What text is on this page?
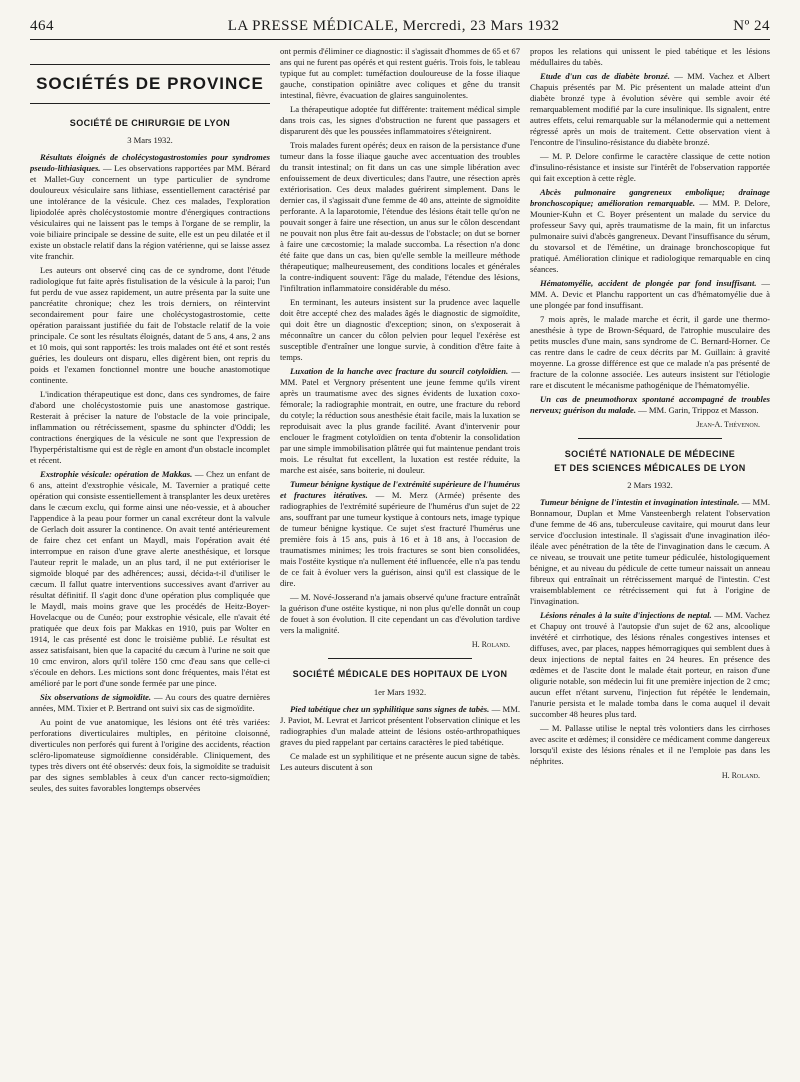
464	LA PRESSE MÉDICALE, Mercredi, 23 Mars 1932	Nº 24
SOCIÉTÉS DE PROVINCE
SOCIÉTÉ DE CHIRURGIE DE LYON
3 Mars 1932.

Résultats éloignés de cholécystogastrostomies pour syndromes pseudo-lithiasiques. — Les observations rapportées par MM. Bérard et Mallet-Guy concernent un type particulier de syndrome douloureux vésiculaire sans lithiase, essentiellement caractérisé par une intolérance de la vésicule. Chez ces malades, l'exploration lipiodolée après cholécystostomie montre d'énergiques contractions vésiculaires qui ne laissent pas le temps à l'organe de se remplir, la voie biliaire principale se dessine de suite, elle est un peu dilatée et il existe un obstacle relatif dans la région vatérienne, qui se laisse assez vite franchir.

Les auteurs ont observé cinq cas de ce syndrome, dont l'étude radiologique fut faite après fistulisation de la vésicule à la paroi; l'un fut perdu de vue assez rapidement, un autre présenta par la suite une pancréatite chronique; chez les trois derniers, on réintervint secondairement pour faire une cholécystogastrostomie, cette opération paraissant justifiée du fait de l'obstacle relatif de la voie principale. Ce sont les résultats éloignés, datant de 5 ans, 4 ans, 2 ans et 10 mois, qui sont rapportés: les trois malades ont été et sont restés guéries, les douleurs ont disparu, elles digèrent bien, ont repris du poids et l'examen fonctionnel montre une bouche anastomotique continente.

L'indication thérapeutique est donc, dans ces syndromes, de faire d'abord une cholécystostomie puis une anastomose gastrique. Resterait à préciser la nature de l'obstacle de la voie principale, inflammation ou rétrécissement, spasme du sphincter d'Oddi; les contractions énergiques de la vésicule ne sont que l'expression de l'hyperpéristaltisme qui est de règle en amont d'un obstacle incomplet et récent.

Exstrophie vésicale: opération de Makkas. — Chez un enfant de 6 ans, atteint d'exstrophie vésicale, M. Tavernier a pratiqué cette opération qui consiste essentiellement à transplanter les deux uretères dans le cæcum exclu, qui forme ainsi une néo-vessie, et à aboucher l'appendice à la peau pour former un canal excréteur dont la valvule de Gerlach doit assurer la continence. On avait tenté antérieurement de faire chez cet enfant un Maydl, mais l'opération avait été interrompue en raison d'une grave alerte anesthésique, et lorsque l'auteur reprit le malade, un an plus tard, il ne put extérioriser le sigmoïde bloqué par des adhérences; aussi, décida-t-il d'utiliser le cæcum. Il fallut quatre interventions successives avant d'arriver au résultat définitif. Il s'agit donc d'une opération plus compliquée que le Maydl, mais moins grave que les procédés de Heitz-Boyer-Hovelacque ou de Cunéo; pour exstrophie vésicale, elle n'avait été pratiquée que deux fois par Makkas en 1910, puis par Wolter en 1914, le cas présenté est donc le troisième publié. Le résultat est assez satisfaisant, bien que la capacité du cæcum à l'urine ne soit que 10 cmc environ, alors qu'il tolère 150 cmc d'eau sans que celle-ci s'écoule en dehors. Les mictions sont donc fréquentes, mais l'état est amélioré par le port d'une sonde fermée par une pince.

Six observations de sigmoïdite. — Au cours des quatre dernières années, MM. Tixier et P. Bertrand ont suivi six cas de sigmoïdite.

Au point de vue anatomique, les lésions ont été très variées: perforations diverticulaires multiples, en péritoine cloisonné, diverticules non perforés qui furent à l'origine des accidents, réaction scléro-lipomateuse sigmoïdienne considérable. Cliniquement, des types très divers ont été observés: deux fois, la sigmoïdite se traduisit par des signes semblables à ceux d'un cancer recto-sigmoïdien; seules, des suites favorables longtemps observées

ont permis d'éliminer ce diagnostic: il s'agissait d'hommes de 65 et 67 ans qui ne furent pas opérés et qui restent guéris. Trois fois, le tableau typique fut au complet: tuméfaction douloureuse de la fosse iliaque gauche, constipation opiniâtre avec coliques et gêne du transit intestinal, fièvre, évacuation de glaires sanguinolentes.

La thérapeutique adoptée fut différente: traitement médical simple dans trois cas, les signes d'obstruction ne furent que passagers et disparurent dès que les poussées inflammatoires s'éteignirent.

Trois malades furent opérés; deux en raison de la persistance d'une tumeur dans la fosse iliaque gauche avec accentuation des troubles du transit intestinal; on fit dans un cas une simple libération avec enfouissement de deux diverticules; dans l'autre, une résection après extériorisation. Ces deux malades guérirent simplement. Dans le dernier cas, il s'agissait d'une femme de 40 ans, atteinte de sigmoïdite perforante. A la laparotomie, l'étendue des lésions était telle qu'on ne pouvait songer à faire une résection, un anus sur le côlon descendant ne pouvait non plus être fait au-dessus de l'obstacle; on dut se borner à faire une cæcostomie; la malade succomba. La résection n'a donc été faite que dans un cas, bien qu'elle semble la meilleure méthode thérapeutique; malheureusement, des conditions locales et générales la contre-indiquent souvent: l'âge du malade, l'étendue des lésions, l'infiltration inflammatoire considérable du méso.

En terminant, les auteurs insistent sur la prudence avec laquelle doit être accepté chez des malades âgés le diagnostic de sigmoïdite, qui doit être un diagnostic d'exception; sinon, on s'exposerait à méconnaître un cancer du côlon pelvien pour lequel l'exérèse est susceptible d'entraîner une longue survie, à condition d'être faite à temps.

Luxation de la hanche avec fracture du sourcil cotyloïdien. — MM. Patel et Vergnory présentent une jeune femme qu'ils virent après un traumatisme avec des signes évidents de luxation coxo-fémorale; la radiographie montrait, en outre, une fracture du rebord du cotyle; la réduction sous anesthésie était facile, mais la luxation se reproduisait avec la plus grande facilité. Avant d'intervenir pour enclouer le fragment cotyloïdien on tenta d'obtenir la consolidation par une simple immobilisation plâtrée qui fut maintenue pendant trois mois. Le résultat fut excellent, la luxation est restée réduite, la marche est aisée, sans boiterie, ni douleur.

Tumeur bénigne kystique de l'extrémité supérieure de l'humérus et fractures itératives. — M. Merz (Armée) présente des radiographies de l'extrémité supérieure de l'humérus d'un sujet de 22 ans, souffrant par une tumeur kystique à contours nets, image typique de tumeur bénigne kystique. Ce sujet s'est fracturé l'humérus une première fois à 15 ans, puis à 16 et à 18 ans, à l'occasion de traumatismes minimes; les trois fractures se sont bien consolidées, mais l'ostéite kystique n'a nullement été influencée, elle n'a pas tendu de ce fait à évoluer vers la guérison, ainsi qu'il est classique de le dire.

— M. Nové-Josserand n'a jamais observé qu'une fracture entraînât la guérison d'une ostéite kystique, ni non plus qu'elle donnât un coup de fouet à son évolution. Il cite cependant un cas d'évolution tardive vers la malignité.

H. Roland.
SOCIÉTÉ MÉDICALE DES HOPITAUX DE LYON
1er Mars 1932.

Pied tabétique chez un syphilitique sans signes de tabès. — MM. J. Paviot, M. Levrat et Jarricot présentent l'observation clinique et les radiographies d'un malade atteint de lésions ostéo-arthropathiques graves du pied rappelant par certains caractères le pied tabétique.

Ce malade est un syphilitique et ne présente aucun signe de tabès. Les auteurs discutent à son

propos les relations qui unissent le pied tabétique et les lésions médullaires du tabès.

Etude d'un cas de diabète bronzé. — MM. Vachez et Albert Chapuis présentés par M. Pic présentent un malade atteint d'un diabète bronzé type à évolution sévère qui semble avoir été remarquablement modifié par la cure insulinique. Ils signalent, entre autres effets, celui remarquable sur la mélanodermie qui a nettement régressé après un mois de traitement. Cette observation vient à l'encontre de l'insulino-résistance du diabète bronzé.

— M. P. Delore confirme le caractère classique de cette notion d'insulino-résistance et insiste sur l'intérêt de l'observation rapportée qui fait exception à cette règle.

Abcès pulmonaire gangreneux embolique; drainage bronchoscopique; amélioration remarquable. — MM. P. Delore, Mounier-Kuhn et C. Boyer présentent un malade du service du professeur Savy qui, après traumatisme de la main, fit un infarctus pulmonaire suivi d'abcès gangreneux. Devant l'insuffisance du sérum, du stovarsol et de l'émétine, un drainage bronchoscopique fut pratiqué. Amélioration clinique et radiologique remarquable en cinq séances.

Hématomyélie, accident de plongée par fond insuffisant. — MM. A. Devic et Planchu rapportent un cas d'hématomyélie due à une plongée par fond insuffisant.

7 mois après, le malade marche et écrit, il garde une thermo-anesthésie à type de Brown-Séquard, de l'atrophie musculaire des petits muscles d'une main, sans syndrome de C. Bernard-Horner. Ce cas rentre dans le cadre de ceux décrits par M. Guillain: à gravité moyenne. La grosse différence est que ce malade n'a pas présenté de fracture de la colonne associée. Les auteurs insistent sur l'étiologie rare et discutent le mécanisme pathogénique de l'hématomyélie.

Un cas de pneumothorax spontané accompagné de troubles nerveux; guérison du malade. — MM. Garin, Trippoz et Masson.

Jean-A. Thévenon.
SOCIÉTÉ NATIONALE DE MÉDECINE
ET DES SCIENCES MÉDICALES DE LYON
2 Mars 1932.

Tumeur bénigne de l'intestin et invagination intestinale. — MM. Bonnamour, Duplan et Mme Vansteenbergh relatent l'observation d'une femme de 46 ans, tuberculeuse cavitaire, qui mourut dans leur service d'occlusion intestinale. Il s'agissait d'une invagination iléo-iléale avec pénétration de la tête de l'invagination dans le cæcum. A ce niveau, se trouvait une petite tumeur pédiculée, histologiquement bénigne, et au niveau du pédicule de cette tumeur naissait un anneau fibreux qui entraînait un rétrécissement marqué de l'intestin. C'est vraisemblablement ce rétrécissement qui fut à l'origine de l'invagination.

Lésions rénales à la suite d'injections de neptal. — MM. Vachez et Chapuy ont trouvé à l'autopsie d'un sujet de 62 ans, alcoolique invétéré et cirrhotique, des lésions rénales congestives intenses et diffuses, avec, par places, nappes hémorragiques qui semblent dues à deux injections de neptal faites en 24 heures. En présence des œdèmes et de l'ascite dont le malade était porteur, en raison d'une oligurie notable, son médecin lui fit une première injection de 2 cmc; aucun effet n'étant survenu, l'injection fut répétée le lendemain, l'anurie persista et le malade tomba dans le coma auquel il devait succomber 48 heures plus tard.

— M. Pallasse utilise le neptal très volontiers dans les cirrhoses avec ascite et œdèmes; il considère ce médicament comme dangereux lorsqu'il existe des lésions rénales et il ne l'emploie pas dans les néphrites.

H. Roland.
